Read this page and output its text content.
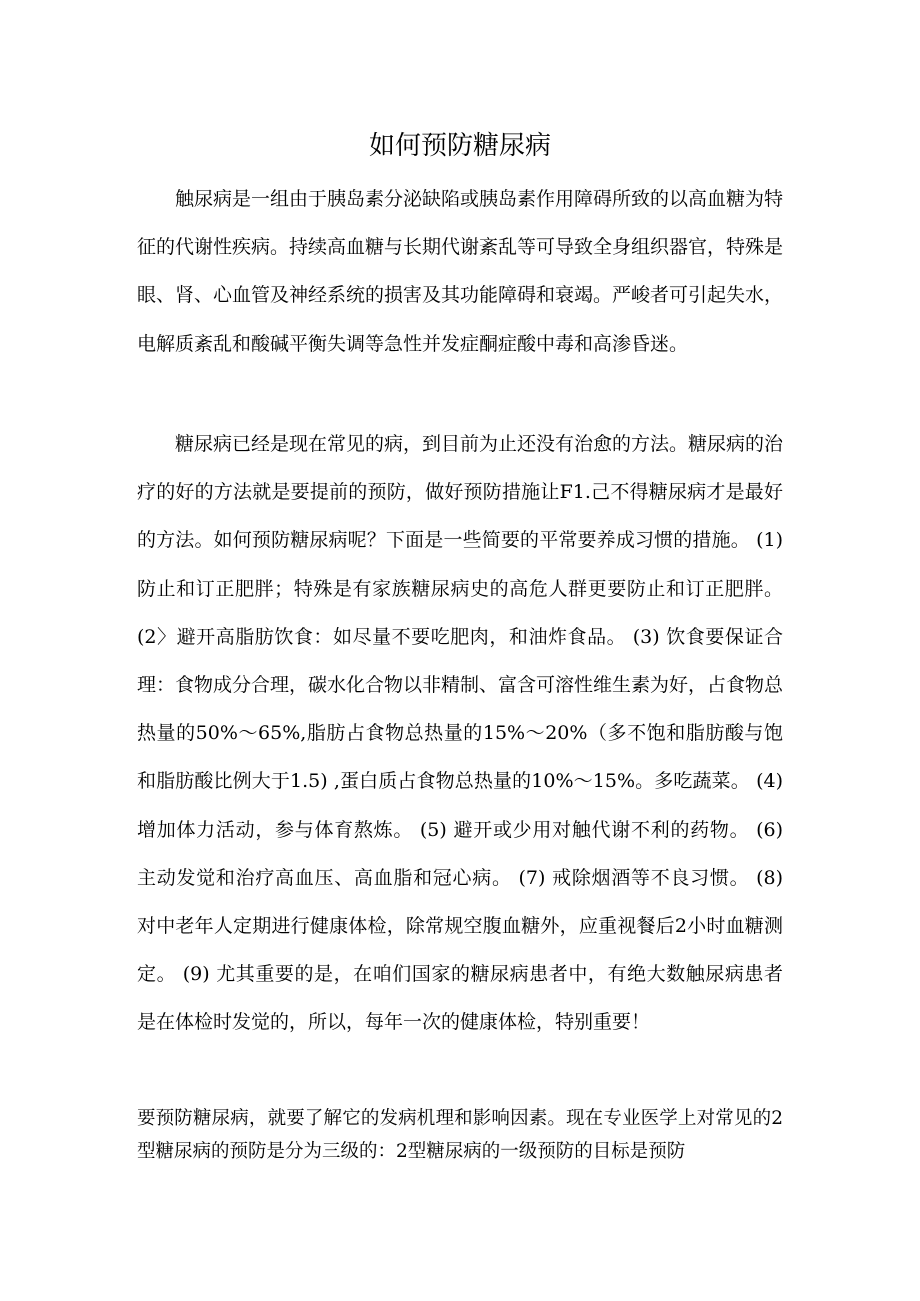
如何预防糖尿病

触尿病是一组由于胰岛素分泌缺陷或胰岛素作用障碍所致的以高血糖为特征的代谢性疾病。持续高血糖与长期代谢紊乱等可导致全身组织器官，特殊是眼、肾、心血管及神经系统的损害及其功能障碍和衰竭。严峻者可引起失水，电解质紊乱和酸碱平衡失调等急性并发症酮症酸中毒和高渗昏迷。

糖尿病已经是现在常见的病，到目前为止还没有治愈的方法。糖尿病的治疗的好的方法就是要提前的预防，做好预防措施让F1.己不得糖尿病才是最好的方法。如何预防糖尿病呢？下面是一些简要的平常要养成习惯的措施。 (1) 防止和订正肥胖；特殊是有家族糖尿病史的高危人群更要防止和订正肥胖。 (2〉避开高脂肪饮食：如尽量不要吃肥肉，和油炸食品。 (3) 饮食要保证合理：食物成分合理，碳水化合物以非精制、富含可溶性维生素为好，占食物总热量的50%〜65%,脂肪占食物总热量的15%〜20%（多不饱和脂肪酸与饱和脂肪酸比例大于1.5) ,蛋白质占食物总热量的10%〜15%。多吃蔬菜。 (4) 增加体力活动，参与体育熬炼。 (5) 避开或少用对触代谢不利的药物。 (6) 主动发觉和治疗高血压、高血脂和冠心病。 (7) 戒除烟酒等不良习惯。 (8) 对中老年人定期进行健康体检，除常规空腹血糖外，应重视餐后2小时血糖测定。 (9) 尤其重要的是，在咱们国家的糖尿病患者中，有绝大数触尿病患者是在体检时发觉的，所以，每年一次的健康体检，特别重要！

要预防糖尿病，就要了解它的发病机理和影响因素。现在专业医学上对常见的2型糖尿病的预防是分为三级的：2型糖尿病的一级预防的目标是预防
